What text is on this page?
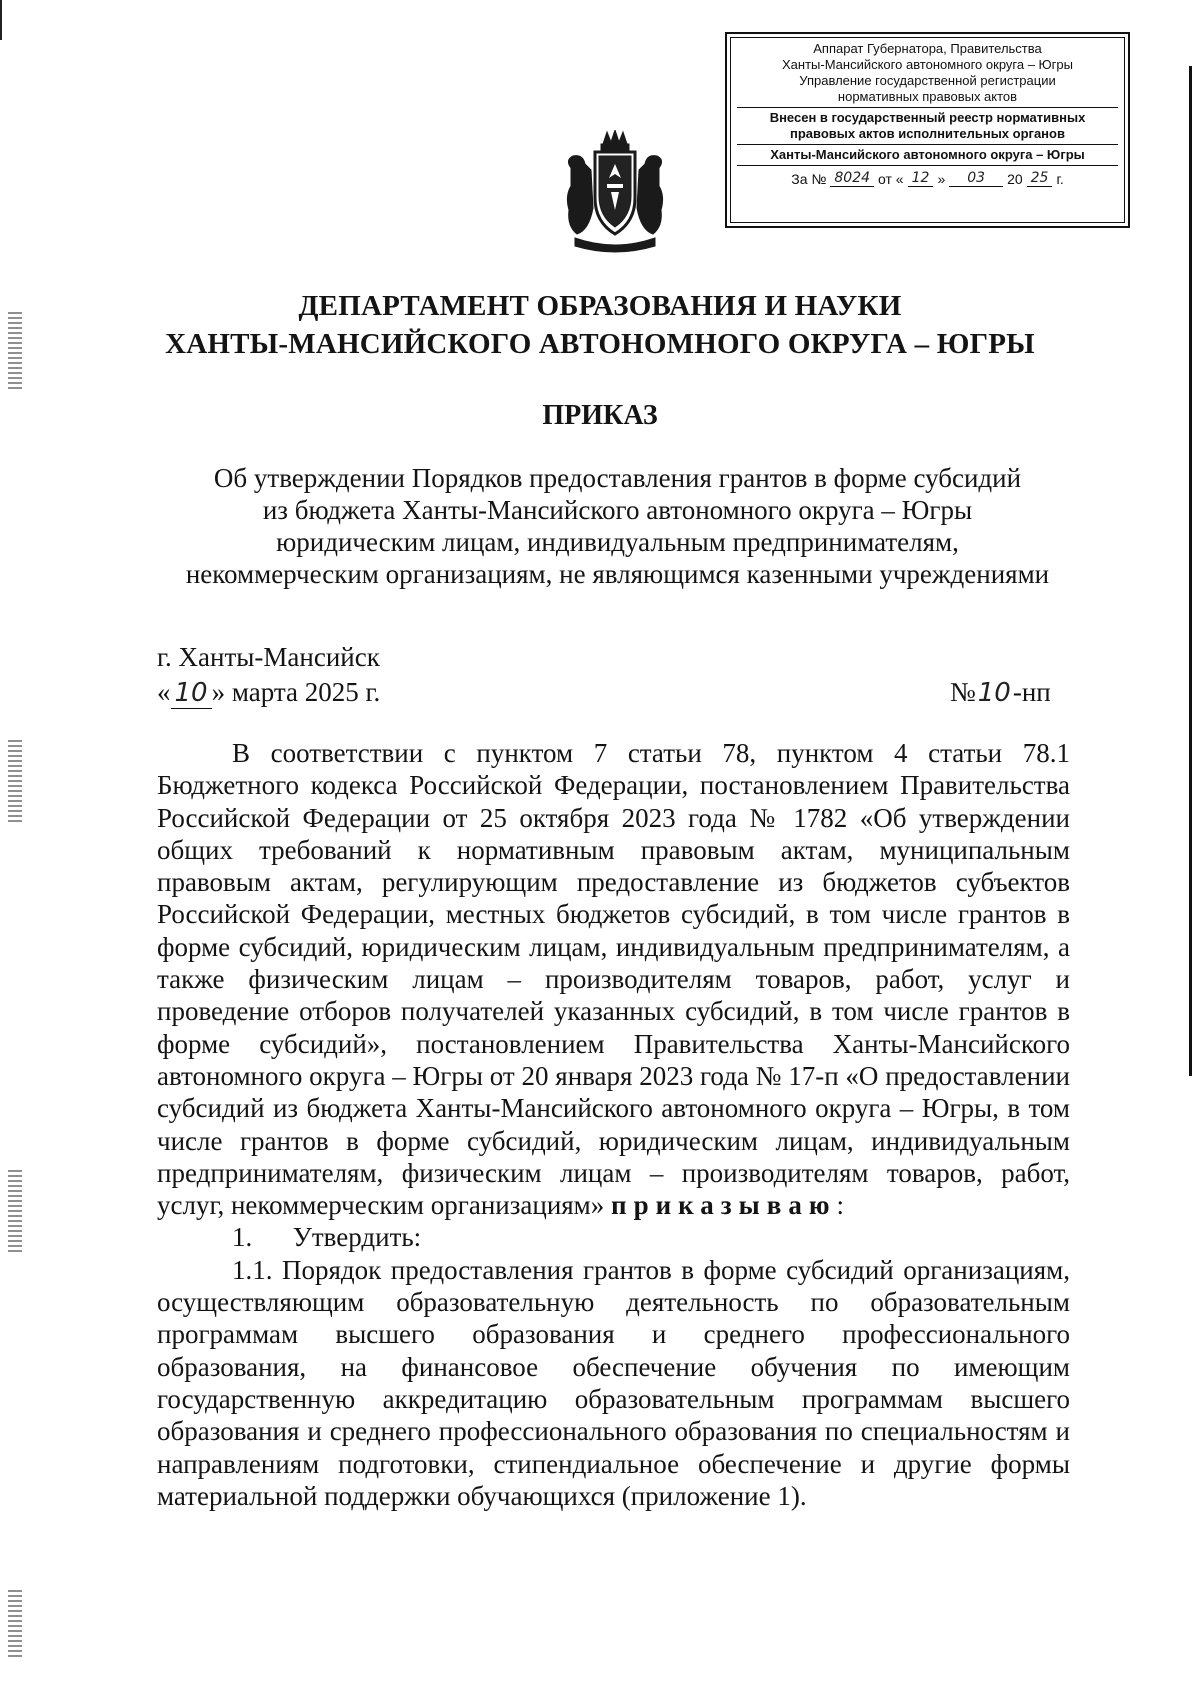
Аппарат Губернатора, Правительства
Ханты-Мансийского автономного округа – Югры
Управление государственной регистрации
нормативных правовых актов
Внесен в государственный реестр нормативных
правовых актов исполнительных органов
Ханты-Мансийского автономного округа – Югры
За № 8024 от « 12 »	03	20 25 г.
ДЕПАРТАМЕНТ ОБРАЗОВАНИЯ И НАУКИ
ХАНТЫ-МАНСИЙСКОГО АВТОНОМНОГО ОКРУГА – ЮГРЫ
ПРИКАЗ
Об утверждении Порядков предоставления грантов в форме субсидий
из бюджета Ханты-Мансийского автономного округа – Югры
юридическим лицам, индивидуальным предпринимателям,
некоммерческим организациям, не являющимся казенными учреждениями
г. Ханты-Мансийск
« 10 » марта 2025 г.	№10-нп

В соответствии с пунктом 7 статьи 78, пунктом 4 статьи 78.1 Бюджетного кодекса Российской Федерации, постановлением Правительства Российской Федерации от 25 октября 2023 года № 1782 «Об утверждении общих требований к нормативным правовым актам, муниципальным правовым актам, регулирующим предоставление из бюджетов субъектов Российской Федерации, местных бюджетов субсидий, в том числе грантов в форме субсидий, юридическим лицам, индивидуальным предпринимателям, а также физическим лицам – производителям товаров, работ, услуг и проведение отборов получателей указанных субсидий, в том числе грантов в форме субсидий», постановлением Правительства Ханты-Мансийского автономного округа – Югры от 20 января 2023 года № 17-п «О предоставлении субсидий из бюджета Ханты-Мансийского автономного округа – Югры, в том числе грантов в форме субсидий, юридическим лицам, индивидуальным предпринимателям, физическим лицам – производителям товаров, работ, услуг, некоммерческим организациям» приказываю:

1. Утвердить:

1.1. Порядок предоставления грантов в форме субсидий организациям, осуществляющим образовательную деятельность по образовательным программам высшего образования и среднего профессионального образования, на финансовое обеспечение обучения по имеющим государственную аккредитацию образовательным программам высшего образования и среднего профессионального образования по специальностям и направлениям подготовки, стипендиальное обеспечение и другие формы материальной поддержки обучающихся (приложение 1).
